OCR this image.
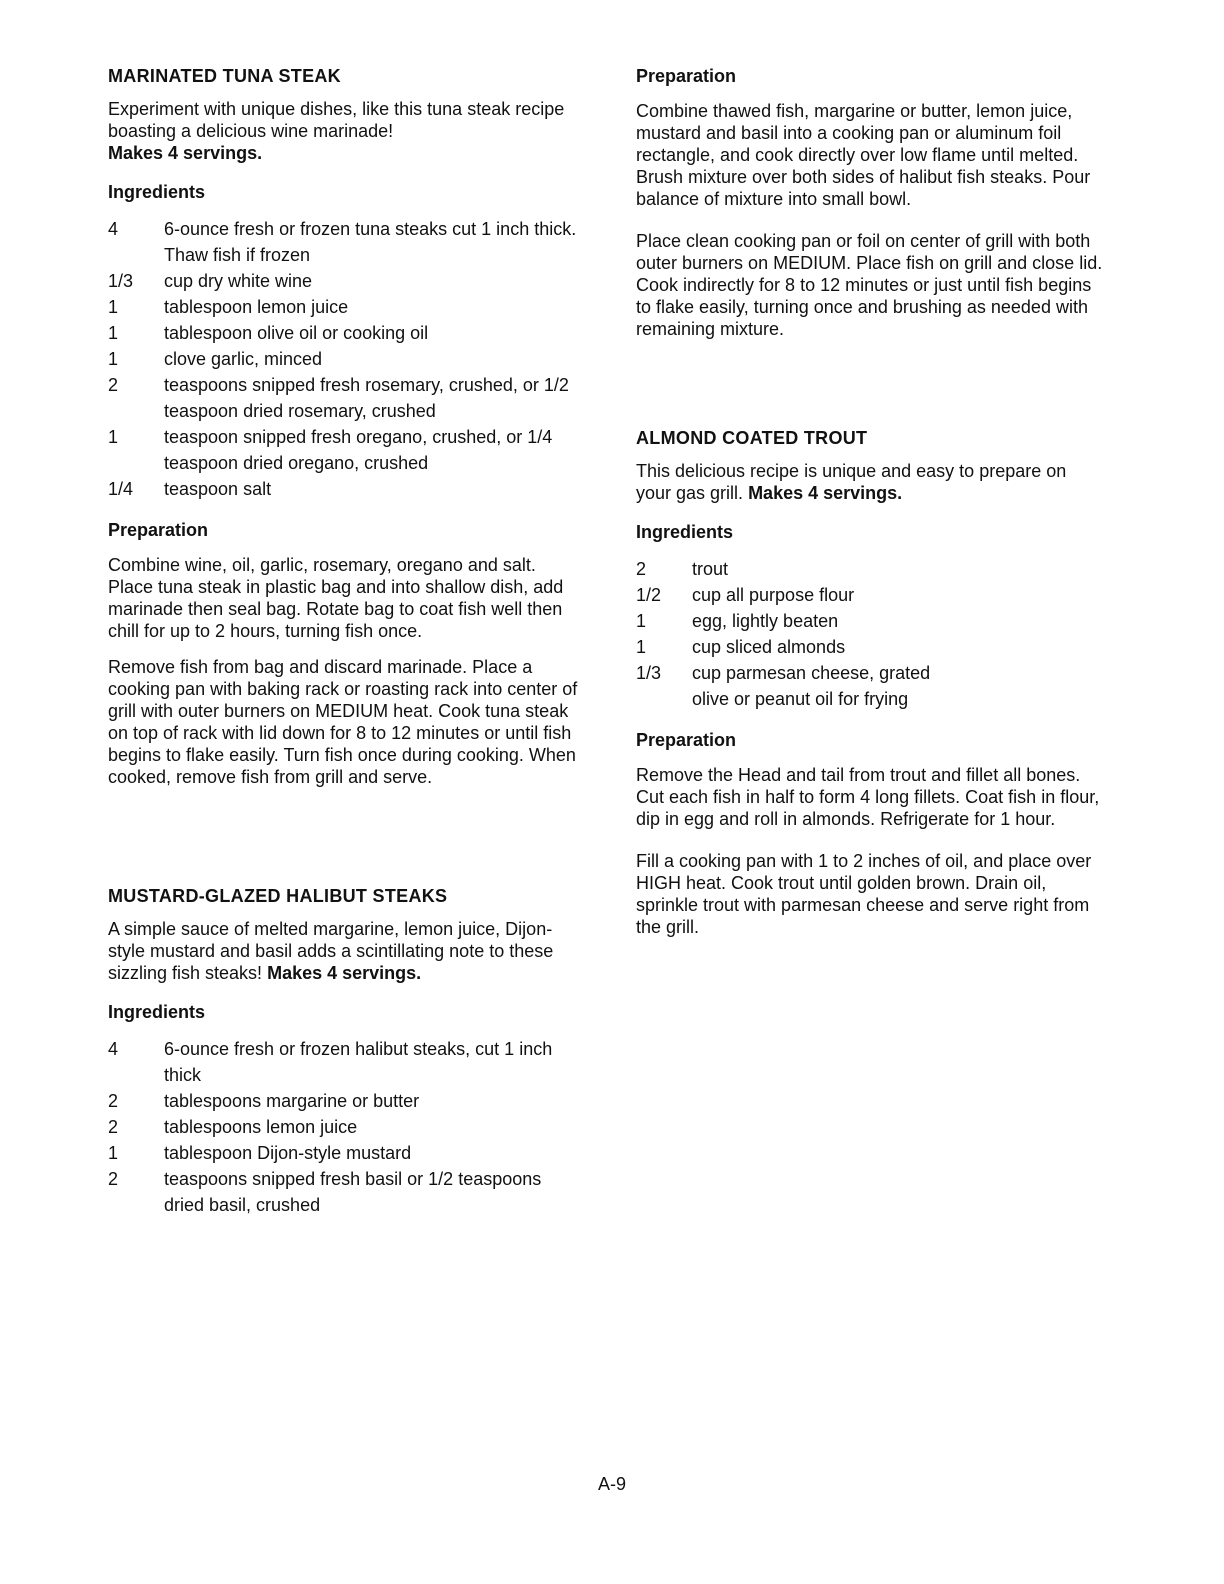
MARINATED TUNA STEAK

Experiment with unique dishes, like this tuna steak recipe boasting a delicious wine marinade!
Makes 4 servings.

Ingredients
4	6-ounce fresh or frozen tuna steaks cut 1 inch thick. Thaw fish if frozen
1/3	cup dry white wine
1	tablespoon lemon juice
1	tablespoon olive oil or cooking oil
1	clove garlic, minced
2	teaspoons snipped fresh rosemary, crushed, or 1/2 teaspoon dried rosemary, crushed
1	teaspoon snipped fresh oregano, crushed, or 1/4 teaspoon dried oregano, crushed
1/4	teaspoon salt
Preparation

Combine wine, oil, garlic, rosemary, oregano and salt. Place tuna steak in plastic bag and into shallow dish, add marinade then seal bag. Rotate bag to coat fish well then chill for up to 2 hours, turning fish once.

Remove fish from bag and discard marinade. Place a cooking pan with baking rack or roasting rack into center of grill with outer burners on MEDIUM heat. Cook tuna steak on top of rack with lid down for 8 to 12 minutes or until fish begins to flake easily. Turn fish once during cooking. When cooked, remove fish from grill and serve.

MUSTARD-GLAZED HALIBUT STEAKS

A simple sauce of melted margarine, lemon juice, Dijon-style mustard and basil adds a scintillating note to these sizzling fish steaks! Makes 4 servings.

Ingredients
4	6-ounce fresh or frozen halibut steaks, cut 1 inch thick
2	tablespoons margarine or butter
2	tablespoons lemon juice
1	tablespoon Dijon-style mustard
2	teaspoons snipped fresh basil or 1/2 teaspoons dried basil, crushed
Preparation

Combine thawed fish, margarine or butter, lemon juice, mustard and basil into a cooking pan or aluminum foil rectangle, and cook directly over low flame until melted. Brush mixture over both sides of halibut fish steaks. Pour balance of mixture into small bowl.

Place clean cooking pan or foil on center of grill with both outer burners on MEDIUM. Place fish on grill and close lid. Cook indirectly for 8 to 12 minutes or just until fish begins to flake easily, turning once and brushing as needed with remaining mixture.

ALMOND COATED TROUT

This delicious recipe is unique and easy to prepare on your gas grill. Makes 4 servings.

Ingredients
2	trout
1/2	cup all purpose flour
1	egg, lightly beaten
1	cup sliced almonds
1/3	cup parmesan cheese, grated
olive or peanut oil for frying
Preparation

Remove the Head and tail from trout and fillet all bones. Cut each fish in half to form 4 long fillets. Coat fish in flour, dip in egg and roll in almonds. Refrigerate for 1 hour.

Fill a cooking pan with 1 to 2 inches of oil, and place over HIGH heat. Cook trout until golden brown. Drain oil, sprinkle trout with parmesan cheese and serve right from the grill.

A-9
